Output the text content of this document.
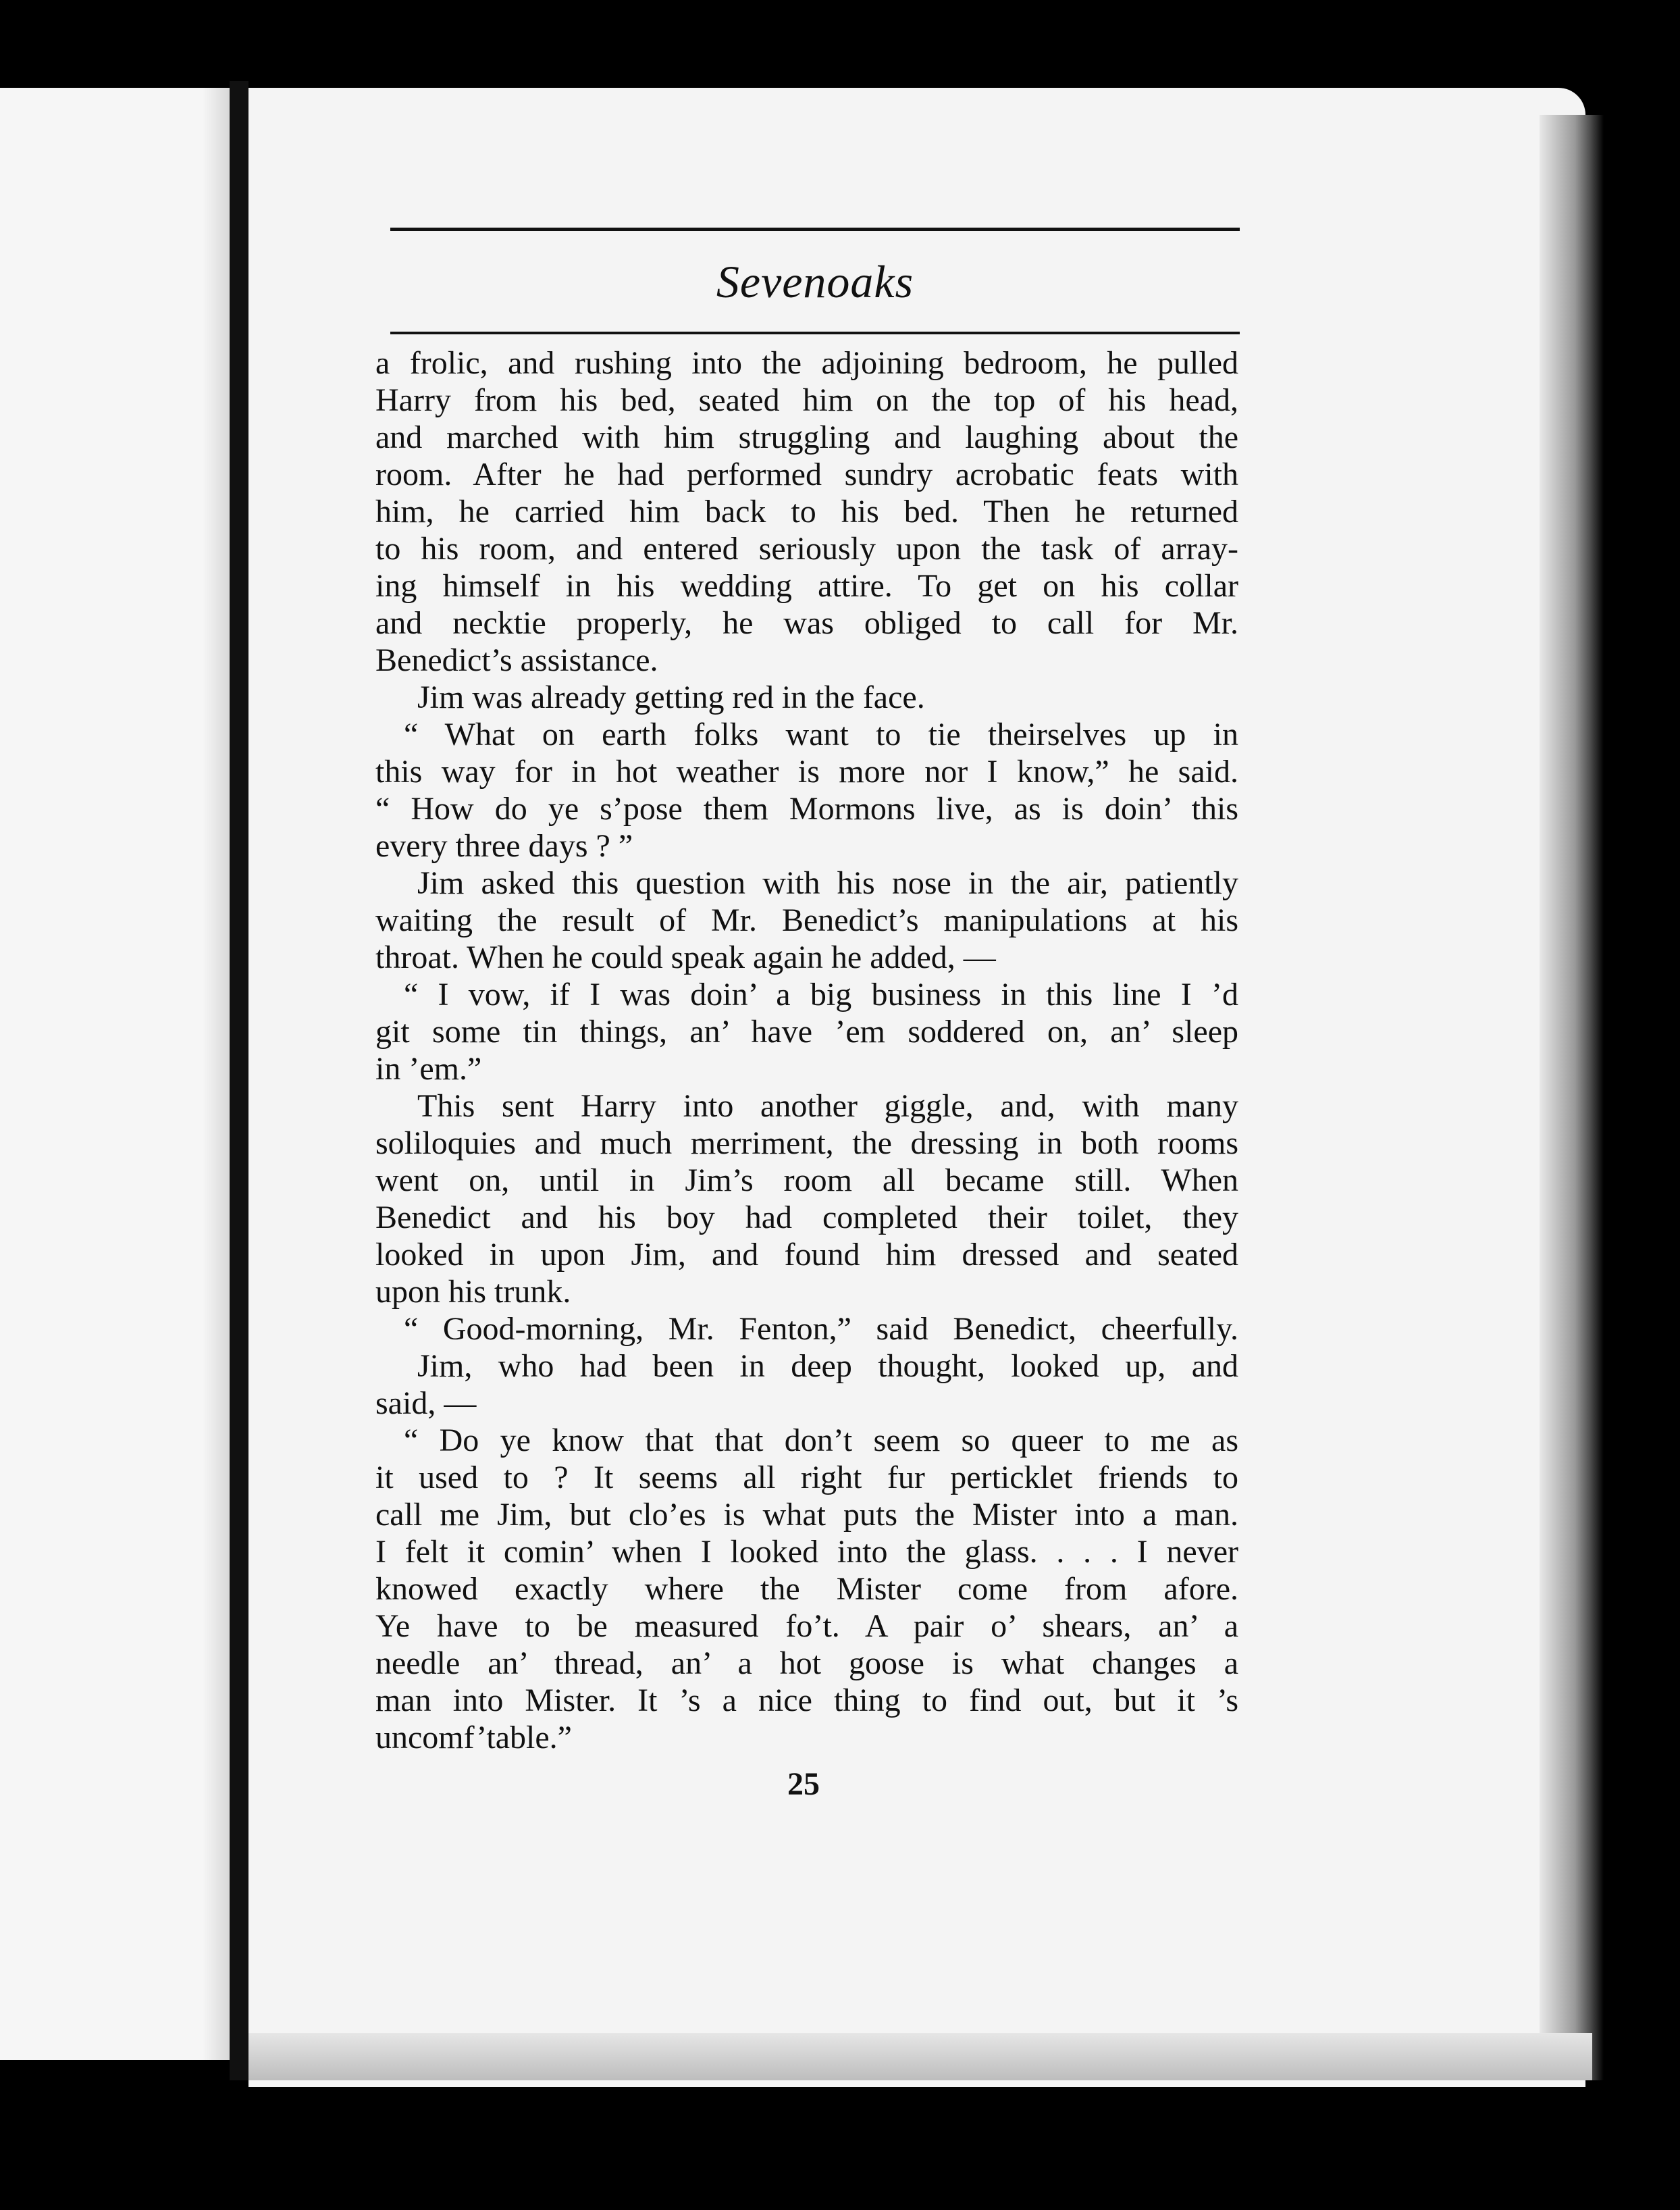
Sevenoaks
a frolic, and rushing into the adjoining bedroom, he pulled
Harry from his bed, seated him on the top of his head,
and marched with him struggling and laughing about the
room. After he had performed sundry acrobatic feats with
him, he carried him back to his bed. Then he returned
to his room, and entered seriously upon the task of array-
ing himself in his wedding attire. To get on his collar
and necktie properly, he was obliged to call for Mr.
Benedict’s assistance.
Jim was already getting red in the face.
“ What on earth folks want to tie theirselves up in
this way for in hot weather is more nor I know,” he said.
“ How do ye s’pose them Mormons live, as is doin’ this
every three days ? ”
Jim asked this question with his nose in the air, patiently
waiting the result of Mr. Benedict’s manipulations at his
throat. When he could speak again he added, —
“ I vow, if I was doin’ a big business in this line I ’d
git some tin things, an’ have ’em soddered on, an’ sleep
in ’em.”
This sent Harry into another giggle, and, with many
soliloquies and much merriment, the dressing in both rooms
went on, until in Jim’s room all became still. When
Benedict and his boy had completed their toilet, they
looked in upon Jim, and found him dressed and seated
upon his trunk.
“ Good-morning, Mr. Fenton,” said Benedict, cheerfully.
Jim, who had been in deep thought, looked up, and
said, —
“ Do ye know that that don’t seem so queer to me as
it used to ? It seems all right fur perticklet friends to
call me Jim, but clo’es is what puts the Mister into a man.
I felt it comin’ when I looked into the glass. . . . I never
knowed exactly where the Mister come from afore.
Ye have to be measured fo’t. A pair o’ shears, an’ a
needle an’ thread, an’ a hot goose is what changes a
man into Mister. It ’s a nice thing to find out, but it ’s
uncomf’table.”
25
